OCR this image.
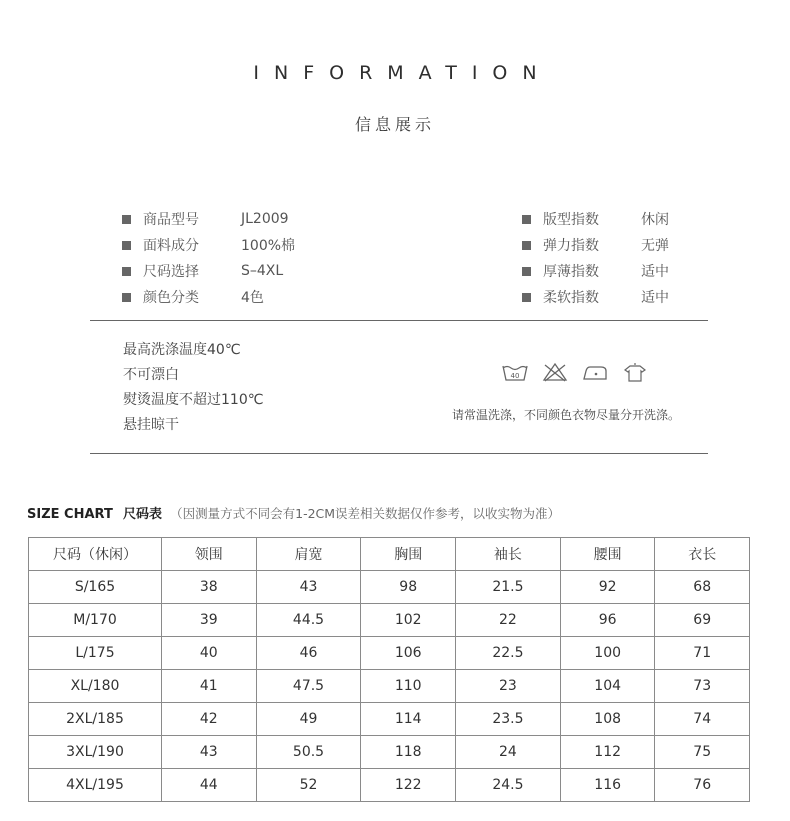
INFORMATION
信息展示
商品型号	JL2009
面料成分	100%棉
尺码选择	S–4XL
颜色分类	4色
版型指数	休闲
弹力指数	无弹
厚薄指数	适中
柔软指数	适中
最高洗涤温度40℃
不可漂白
熨烫温度不超过110℃
悬挂晾干
40
请常温洗涤，不同颜色衣物尽量分开洗涤。
SIZE CHART 尺码表 （因测量方式不同会有1-2CM误差相关数据仅作参考，以收实物为准）
尺码（休闲）	领围	肩宽	胸围	袖长	腰围	衣长
S/165	38	43	98	21.5	92	68
M/170	39	44.5	102	22	96	69
L/175	40	46	106	22.5	100	71
XL/180	41	47.5	110	23	104	73
2XL/185	42	49	114	23.5	108	74
3XL/190	43	50.5	118	24	112	75
4XL/195	44	52	122	24.5	116	76
